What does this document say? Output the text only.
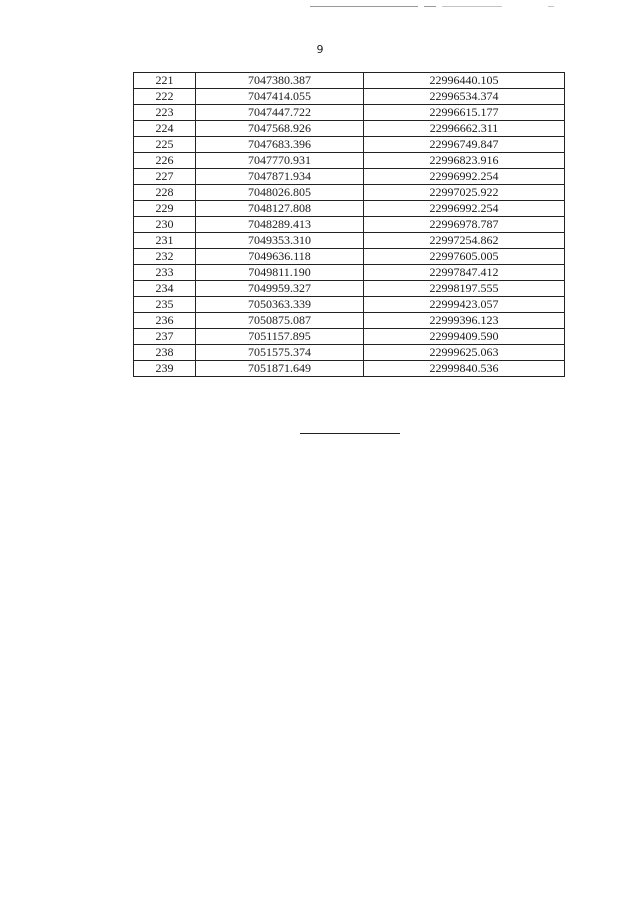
9
221	7047380.387	22996440.105
222	7047414.055	22996534.374
223	7047447.722	22996615.177
224	7047568.926	22996662.311
225	7047683.396	22996749.847
226	7047770.931	22996823.916
227	7047871.934	22996992.254
228	7048026.805	22997025.922
229	7048127.808	22996992.254
230	7048289.413	22996978.787
231	7049353.310	22997254.862
232	7049636.118	22997605.005
233	7049811.190	22997847.412
234	7049959.327	22998197.555
235	7050363.339	22999423.057
236	7050875.087	22999396.123
237	7051157.895	22999409.590
238	7051575.374	22999625.063
239	7051871.649	22999840.536
